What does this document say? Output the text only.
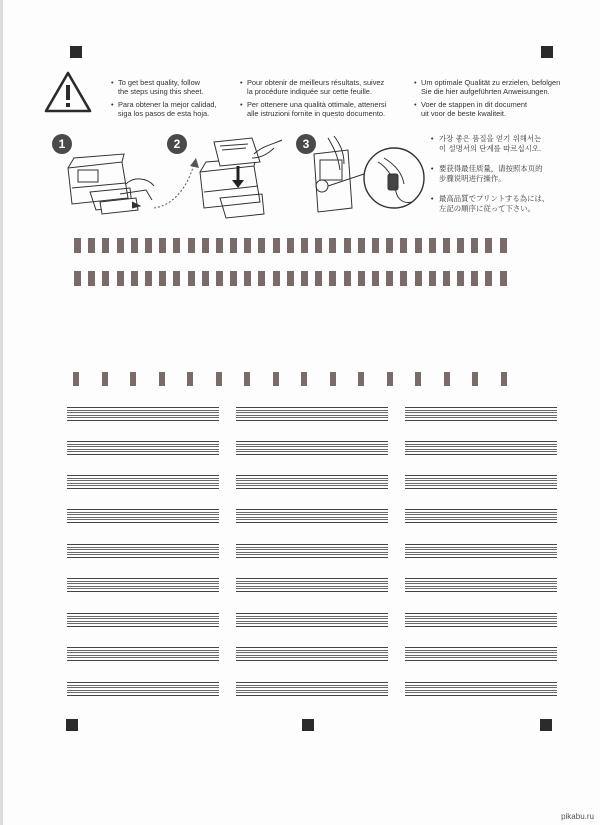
• To get best quality, follow
the steps using this sheet.
• Para obtener la mejor calidad,
siga los pasos de esta hoja.
• Pour obtenir de meilleurs résultats, suivez
la procédure indiquée sur cette feuille.
• Per ottenere una qualità ottimale, attenersi
alle istruzioni fornite in questo documento.
• Um optimale Qualität zu erzielen, befolgen
Sie die hier aufgeführten Anweisungen.
• Voer de stappen in dit document
uit voor de beste kwaliteit.
1	2	3	• 가장 좋은 품질을 얻기 위해서는
이 설명서의 단계를 따르십시오.
• 要获得最佳质量，请按照本页的
步骤说明进行操作。
• 最高品質でプリントする為には、
左記の順序に従って下さい。
pikabu.ru
